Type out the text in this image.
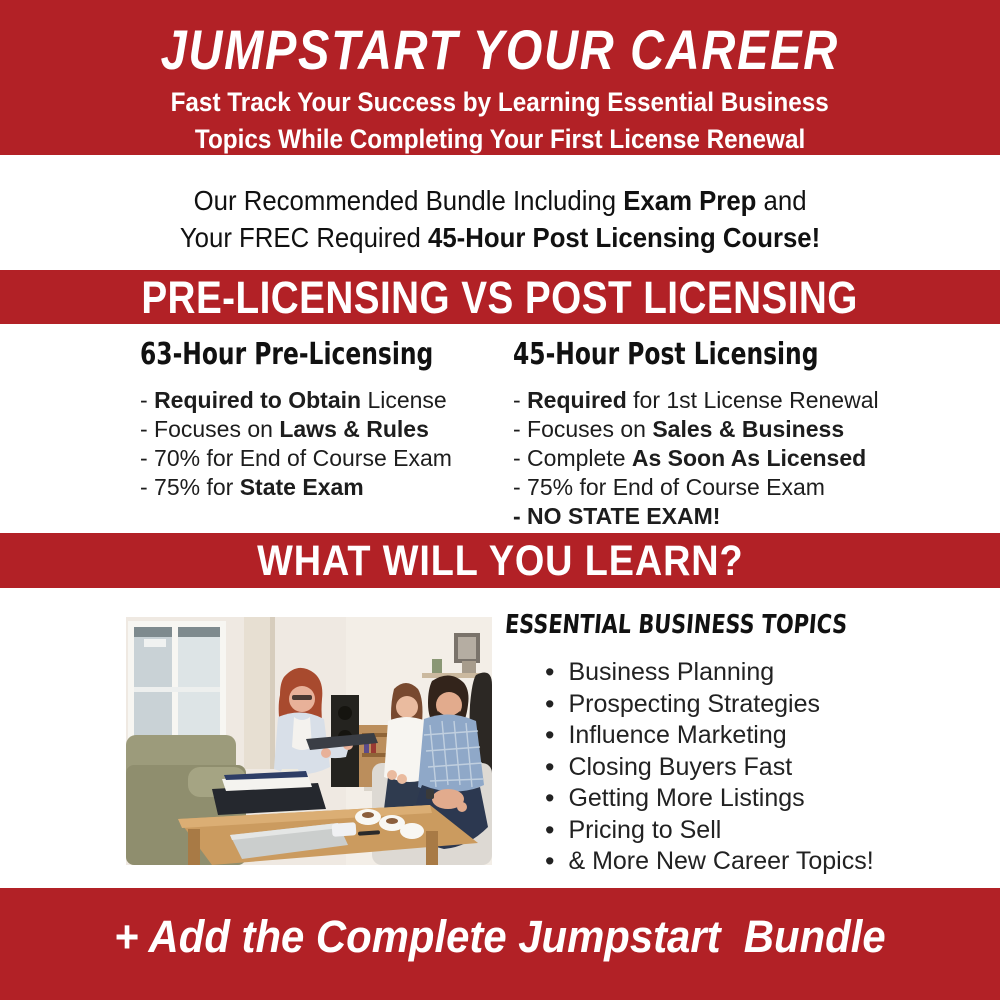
JUMPSTART YOUR CAREER
Fast Track Your Success by Learning Essential Business
Topics While Completing Your First License Renewal
Our Recommended Bundle Including Exam Prep and
Your FREC Required 45-Hour Post Licensing Course!
PRE-LICENSING VS POST LICENSING
63-Hour Pre-Licensing
- Required to Obtain License
- Focuses on Laws & Rules
- 70% for End of Course Exam
- 75% for State Exam
45-Hour Post Licensing
- Required for 1st License Renewal
- Focuses on Sales & Business
- Complete As Soon As Licensed
- 75% for End of Course Exam
- NO STATE EXAM!
WHAT WILL YOU LEARN?
ESSENTIAL BUSINESS TOPICS
• Business Planning
• Prospecting Strategies
• Influence Marketing
• Closing Buyers Fast
• Getting More Listings
• Pricing to Sell
• & More New Career Topics!
+ Add the Complete Jumpstart  Bundle
